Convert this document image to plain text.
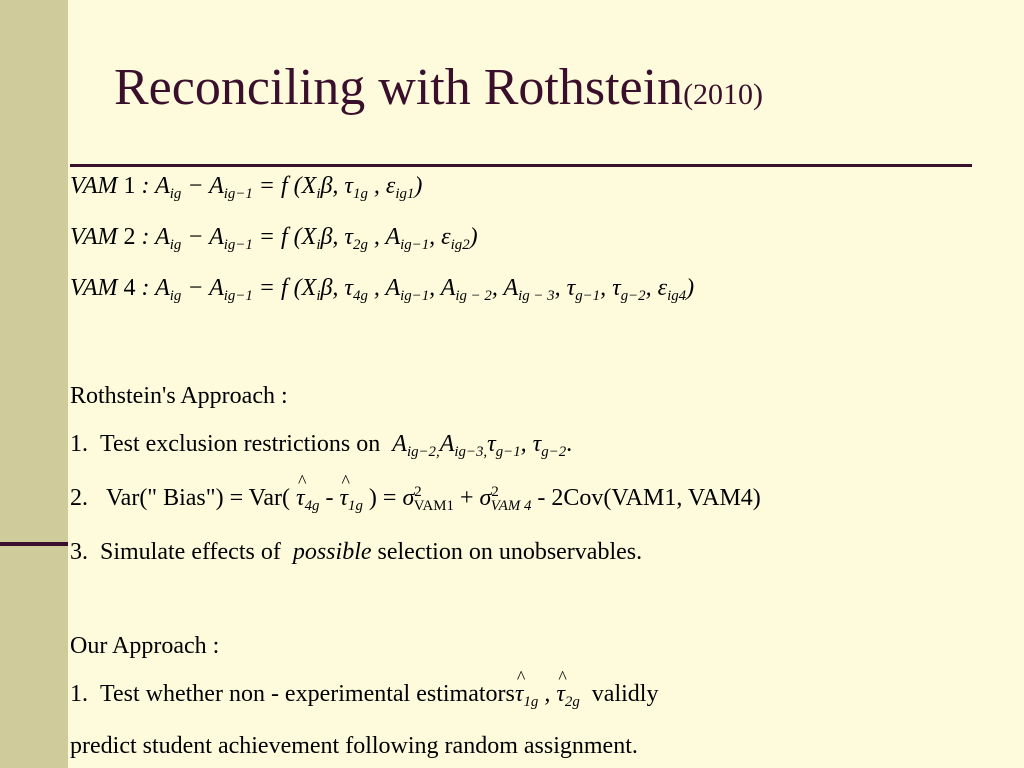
Reconciling with Rothstein(2010)
VAM 1 : $A_{ig} - A_{ig-1} = f$ ($X_i\beta$, $\tau_{1g}$ , $\varepsilon_{ig1}$)
VAM 2 : $A_{ig} - A_{ig-1} = f$ ($X_i\beta$, $\tau_{2g}$ , $A_{ig-1}$, $\varepsilon_{ig2}$)
VAM 4 : $A_{ig} - A_{ig-1} = f$ ($X_i\beta$, $\tau_{4g}$ , $A_{ig-1}$, $A_{ig - 2}$, $A_{ig - 3}$, $\tau_{g-1}$, $\tau_{g-2}$, $\varepsilon_{ig4}$)
Rothstein's Approach :
1. Test exclusion restrictions on $A_{ig-2,}A_{ig-3,}\tau_{g-1}$, $\tau_{g-2}$.
2.   Var(" Bias") = Var( ^ $\tau_{4g}$ - ^ $\tau_{1g}$ ) = $\sigma^2_{VAM1} + \sigma^2_{VAM 4} - 2Cov(VAM1$, VAM4)
3. Simulate effects of possible selection on unobservables.
Our Approach :
1. Test whether non - experimental estimators^ $\tau_{1g}$ , ^ $\tau_{2g}$ validly
predict student achievement following random assignment.
